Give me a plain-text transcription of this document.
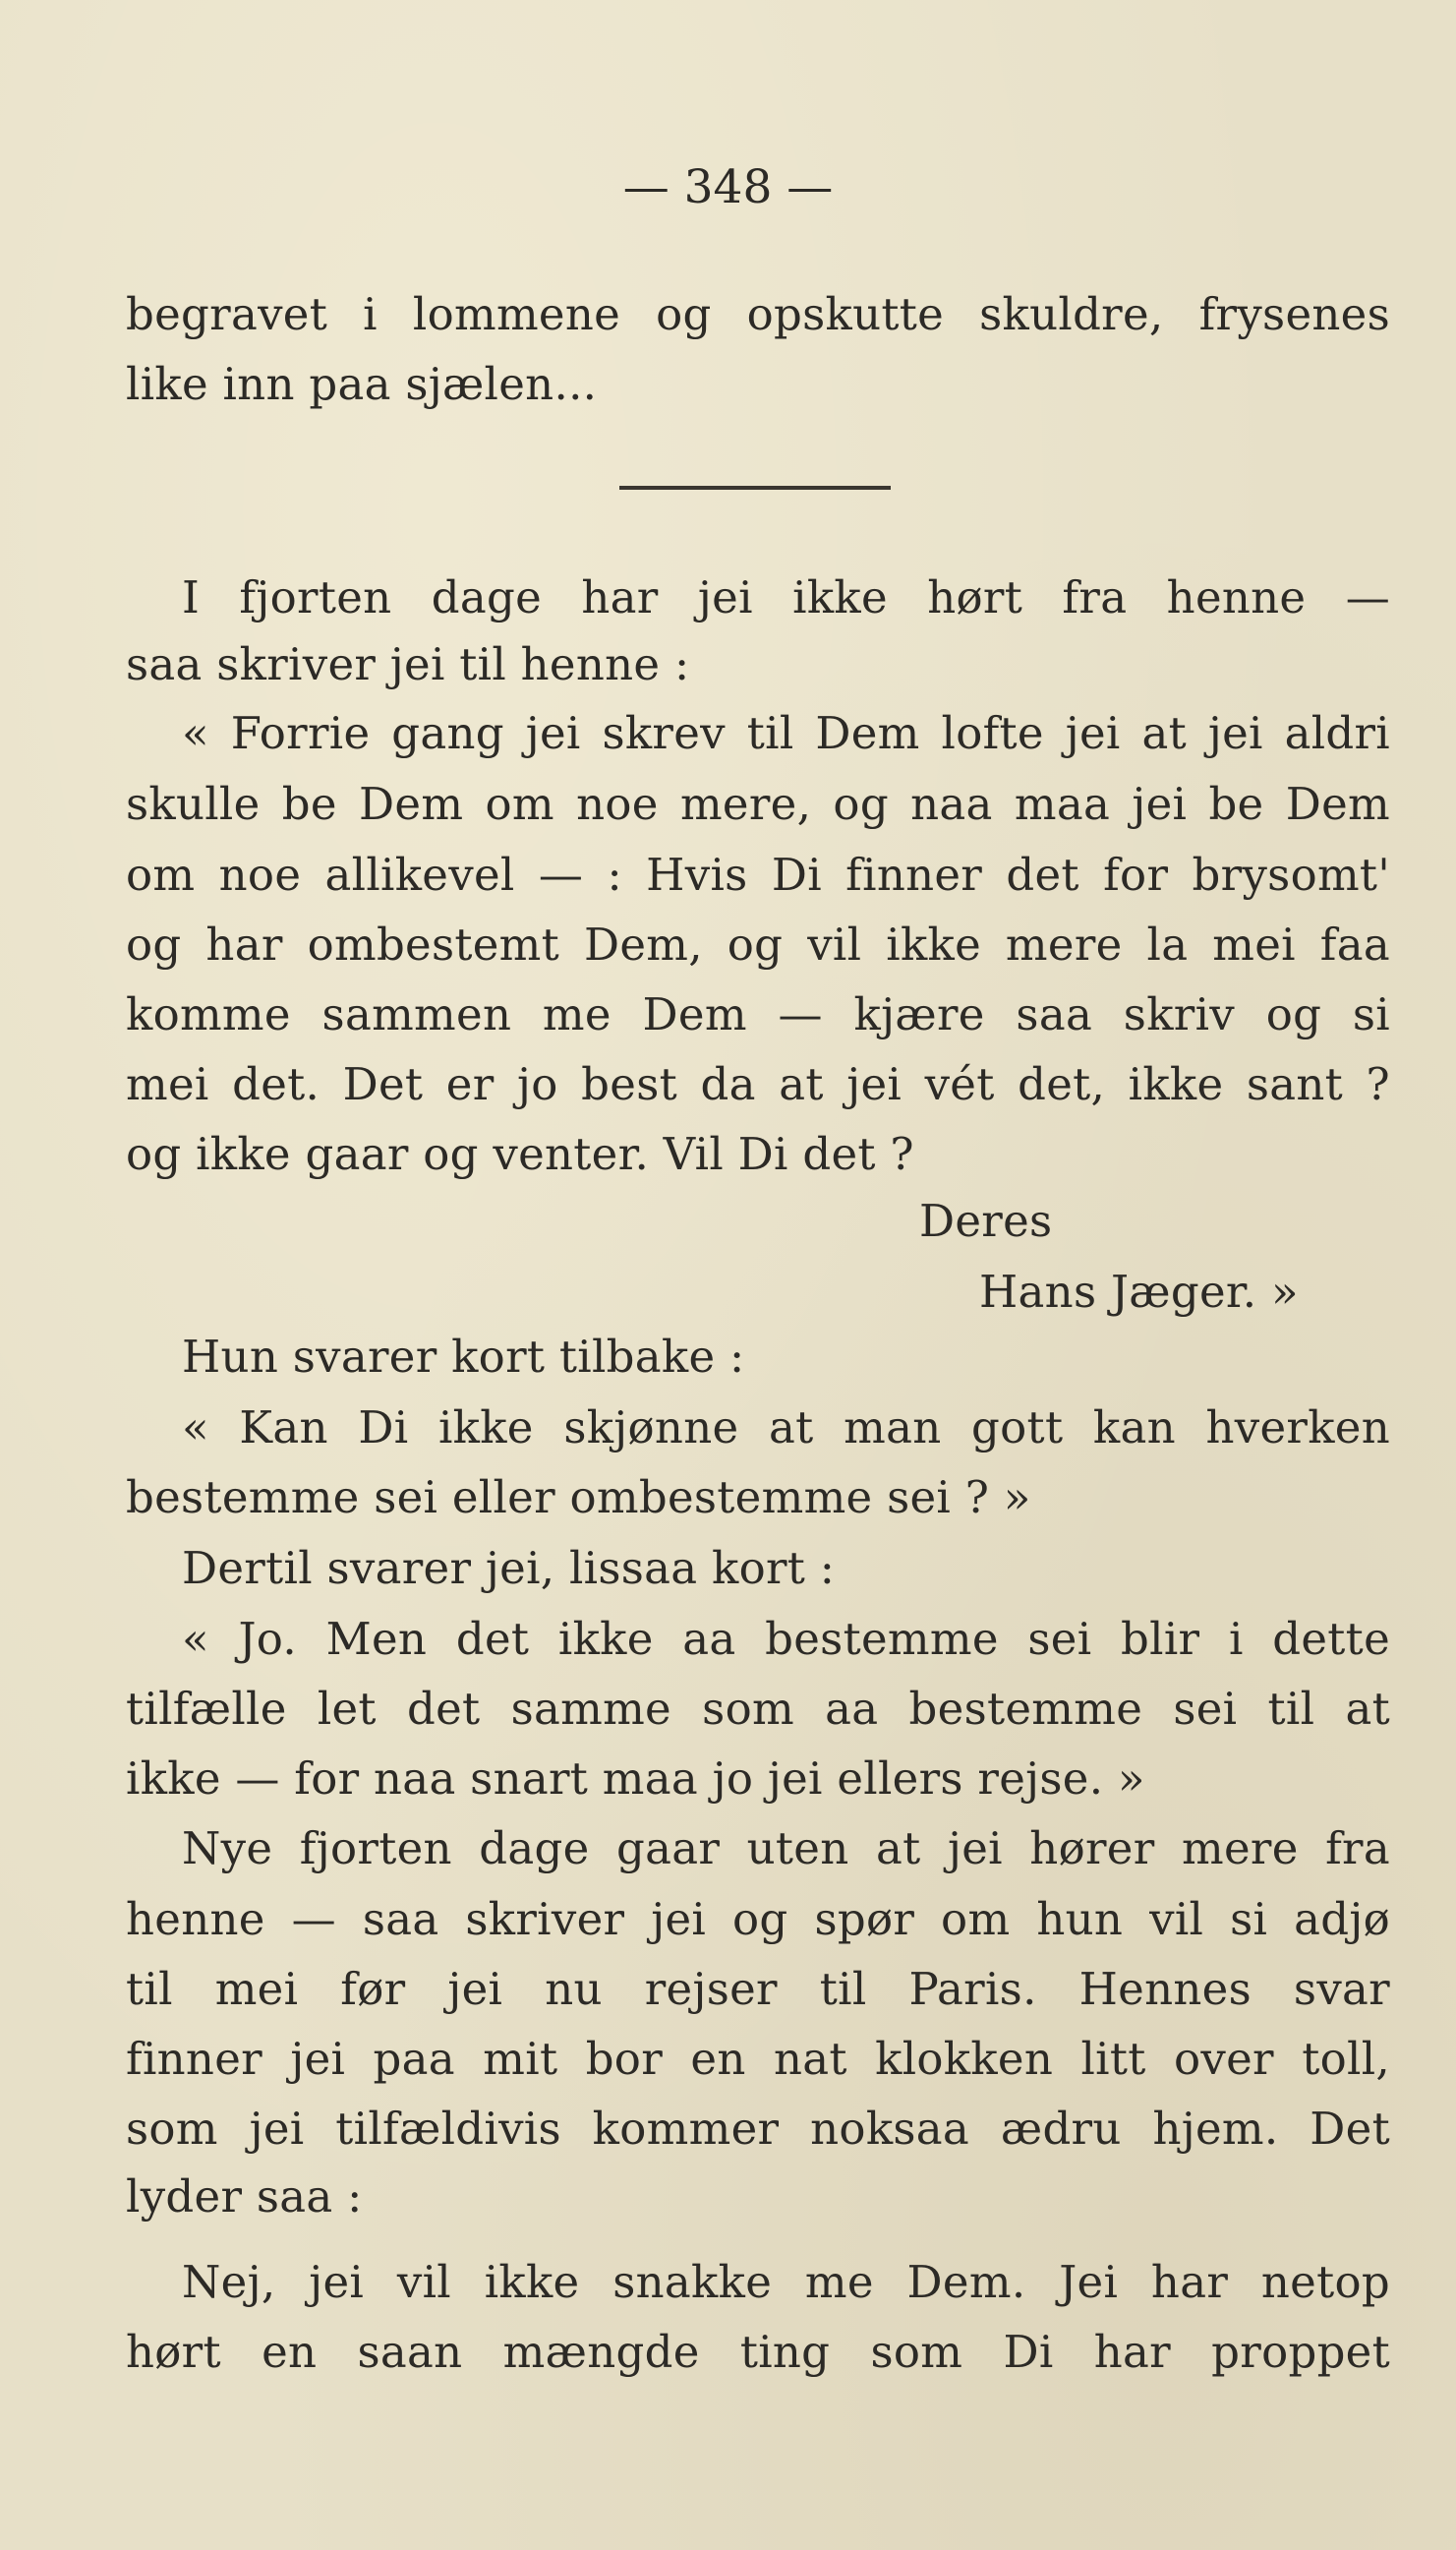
— 348 —
begravet i lommene og opskutte skuldre, frysenes
like inn paa sjælen...
I fjorten dage har jei ikke hørt fra henne —
saa skriver jei til henne :
« Forrie gang jei skrev til Dem lofte jei at jei aldri
skulle be Dem om noe mere, og naa maa jei be Dem
om noe allikevel — : Hvis Di finner det for brysomt'
og har ombestemt Dem, og vil ikke mere la mei faa
komme sammen me Dem — kjære saa skriv og si
mei det. Det er jo best da at jei vét det, ikke sant ?
og ikke gaar og venter. Vil Di det ?
Deres
Hans Jæger. »
Hun svarer kort tilbake :
« Kan Di ikke skjønne at man gott kan hverken
bestemme sei eller ombestemme sei ? »
Dertil svarer jei, lissaa kort :
« Jo. Men det ikke aa bestemme sei blir i dette
tilfælle let det samme som aa bestemme sei til at
ikke — for naa snart maa jo jei ellers rejse. »
Nye fjorten dage gaar uten at jei hører mere fra
henne — saa skriver jei og spør om hun vil si adjø
til mei før jei nu rejser til Paris. Hennes svar
finner jei paa mit bor en nat klokken litt over toll,
som jei tilfældivis kommer noksaa ædru hjem. Det
lyder saa :
Nej, jei vil ikke snakke me Dem. Jei har netop
hørt en saan mængde ting som Di har proppet
